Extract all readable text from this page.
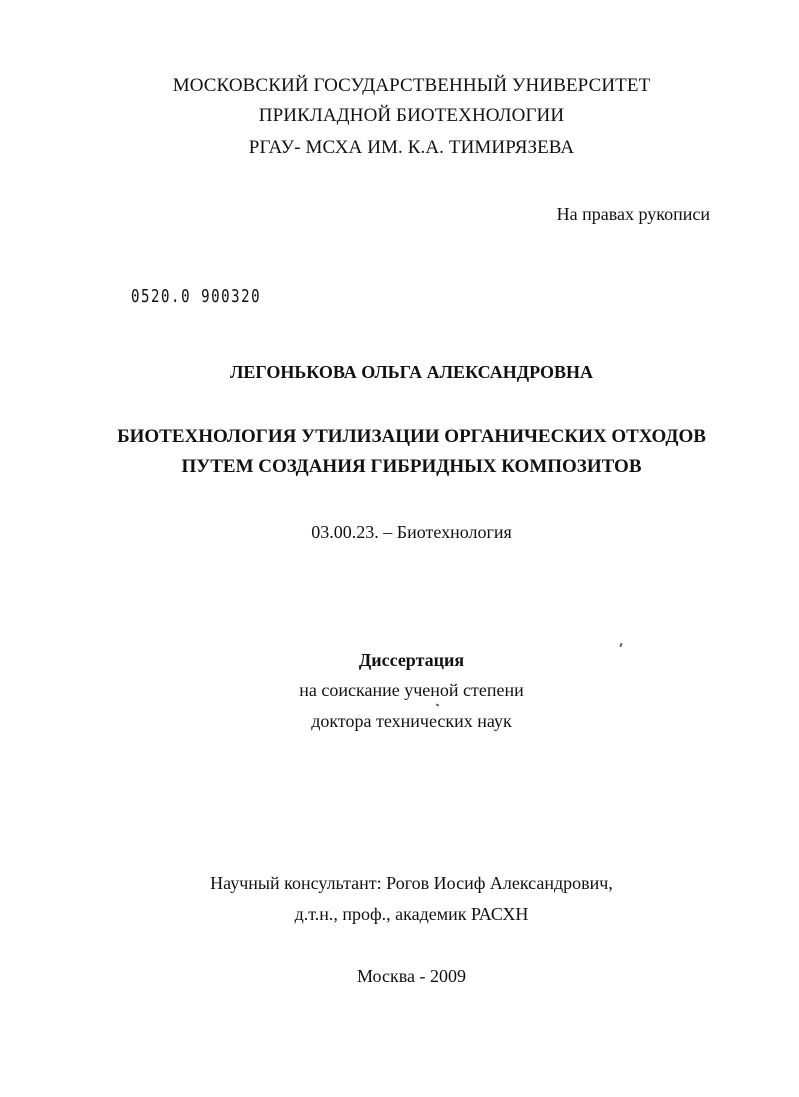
МОСКОВСКИЙ ГОСУДАРСТВЕННЫЙ УНИВЕРСИТЕТ
ПРИКЛАДНОЙ БИОТЕХНОЛОГИИ
РГАУ- МСХА ИМ. К.А. ТИМИРЯЗЕВА
На правах рукописи
0520.0 900320
ЛЕГОНЬКОВА ОЛЬГА АЛЕКСАНДРОВНА
БИОТЕХНОЛОГИЯ УТИЛИЗАЦИИ ОРГАНИЧЕСКИХ ОТХОДОВ
ПУТЕМ СОЗДАНИЯ ГИБРИДНЫХ КОМПОЗИТОВ
03.00.23. – Биотехнология
Диссертация
на соискание ученой степени
доктора технических наук
Научный консультант: Рогов Иосиф Александрович,
д.т.н., проф., академик РАСХН
Москва - 2009
